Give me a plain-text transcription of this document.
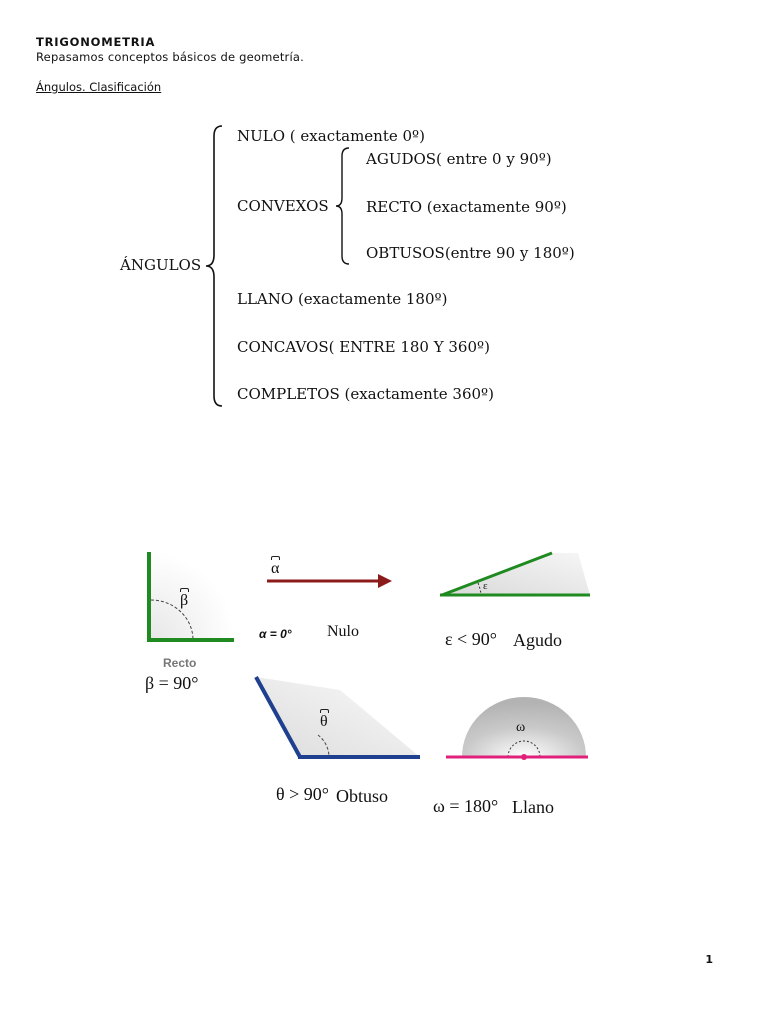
TRIGONOMETRIA
Repasamos conceptos básicos de geometría.
Ángulos. Clasificación
ÁNGULOS
NULO ( exactamente 0º)
CONVEXOS
AGUDOS( entre 0 y 90º)
RECTO (exactamente 90º)
OBTUSOS(entre 90 y 180º)
LLANO (exactamente 180º)
CONCAVOS( ENTRE 180 Y 360º)
COMPLETOS (exactamente 360º)
β
Recto
β = 90°
α
α = 0° Nulo
ε
ε < 90° Agudo
θ
θ > 90° Obtuso
ω
ω = 180° Llano
1
